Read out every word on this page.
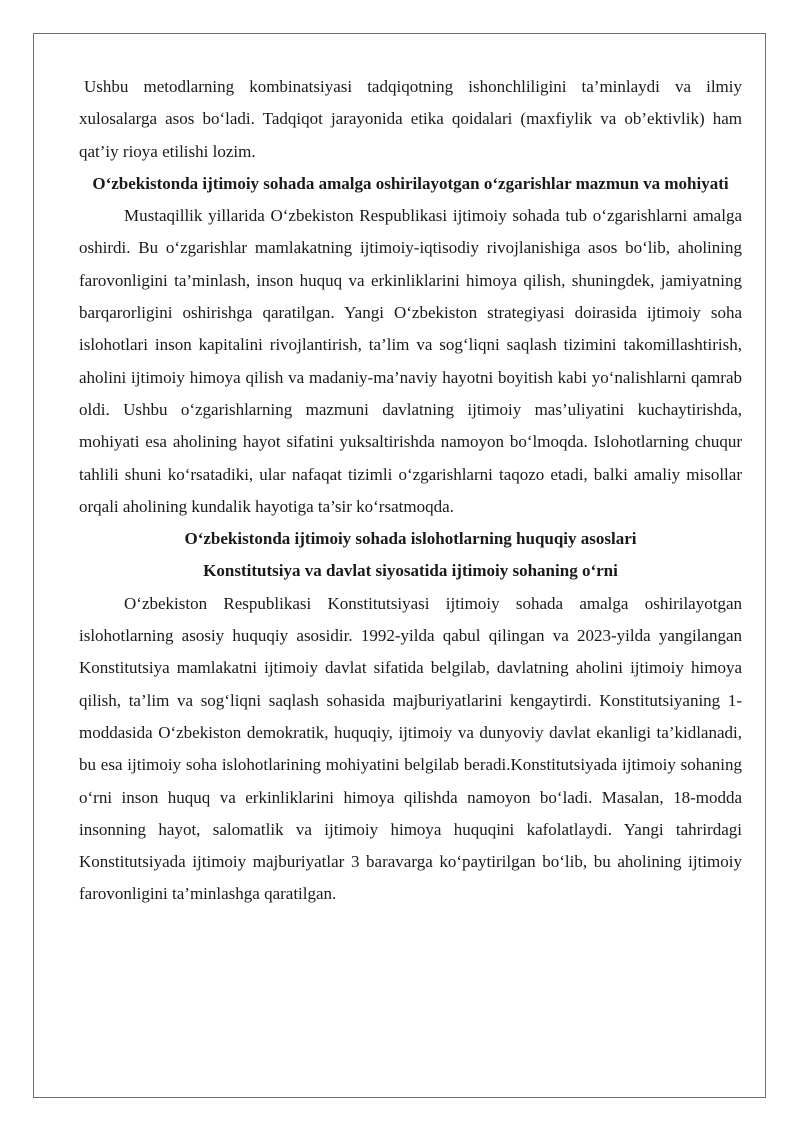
Ushbu metodlarning kombinatsiyasi tadqiqotning ishonchliligini ta’minlaydi va ilmiy xulosalarga asos bo‘ladi. Tadqiqot jarayonida etika qoidalari (maxfiylik va ob’ektivlik) ham qat’iy rioya etilishi lozim.

O‘zbekistonda ijtimoiy sohada amalga oshirilayotgan o‘zgarishlar mazmun va mohiyati

Mustaqillik yillarida O‘zbekiston Respublikasi ijtimoiy sohada tub o‘zgarishlarni amalga oshirdi. Bu o‘zgarishlar mamlakatning ijtimoiy-iqtisodiy rivojlanishiga asos bo‘lib, aholining farovonligini ta’minlash, inson huquq va erkinliklarini himoya qilish, shuningdek, jamiyatning barqarorligini oshirishga qaratilgan. Yangi O‘zbekiston strategiyasi doirasida ijtimoiy soha islohotlari inson kapitalini rivojlantirish, ta’lim va sog‘liqni saqlash tizimini takomillashtirish, aholini ijtimoiy himoya qilish va madaniy-ma’naviy hayotni boyitish kabi yo‘nalishlarni qamrab oldi. Ushbu o‘zgarishlarning mazmuni davlatning ijtimoiy mas’uliyatini kuchaytirishda, mohiyati esa aholining hayot sifatini yuksaltirishda namoyon bo‘lmoqda. Islohotlarning chuqur tahlili shuni ko‘rsatadiki, ular nafaqat tizimli o‘zgarishlarni taqozo etadi, balki amaliy misollar orqali aholining kundalik hayotiga ta’sir ko‘rsatmoqda.

O‘zbekistonda ijtimoiy sohada islohotlarning huquqiy asoslari
Konstitutsiya va davlat siyosatida ijtimoiy sohaning o‘rni

O‘zbekiston Respublikasi Konstitutsiyasi ijtimoiy sohada amalga oshirilayotgan islohotlarning asosiy huquqiy asosidir. 1992-yilda qabul qilingan va 2023-yilda yangilangan Konstitutsiya mamlakatni ijtimoiy davlat sifatida belgilab, davlatning aholini ijtimoiy himoya qilish, ta’lim va sog‘liqni saqlash sohasida majburiyatlarini kengaytirdi. Konstitutsiyaning 1-moddasida O‘zbekiston demokratik, huquqiy, ijtimoiy va dunyoviy davlat ekanligi ta’kidlanadi, bu esa ijtimoiy soha islohotlarining mohiyatini belgilab beradi.Konstitutsiyada ijtimoiy sohaning o‘rni inson huquq va erkinliklarini himoya qilishda namoyon bo‘ladi. Masalan, 18-modda insonning hayot, salomatlik va ijtimoiy himoya huquqini kafolatlaydi. Yangi tahrirdagi Konstitutsiyada ijtimoiy majburiyatlar 3 baravarga ko‘paytirilgan bo‘lib, bu aholining ijtimoiy farovonligini ta’minlashga qaratilgan.
